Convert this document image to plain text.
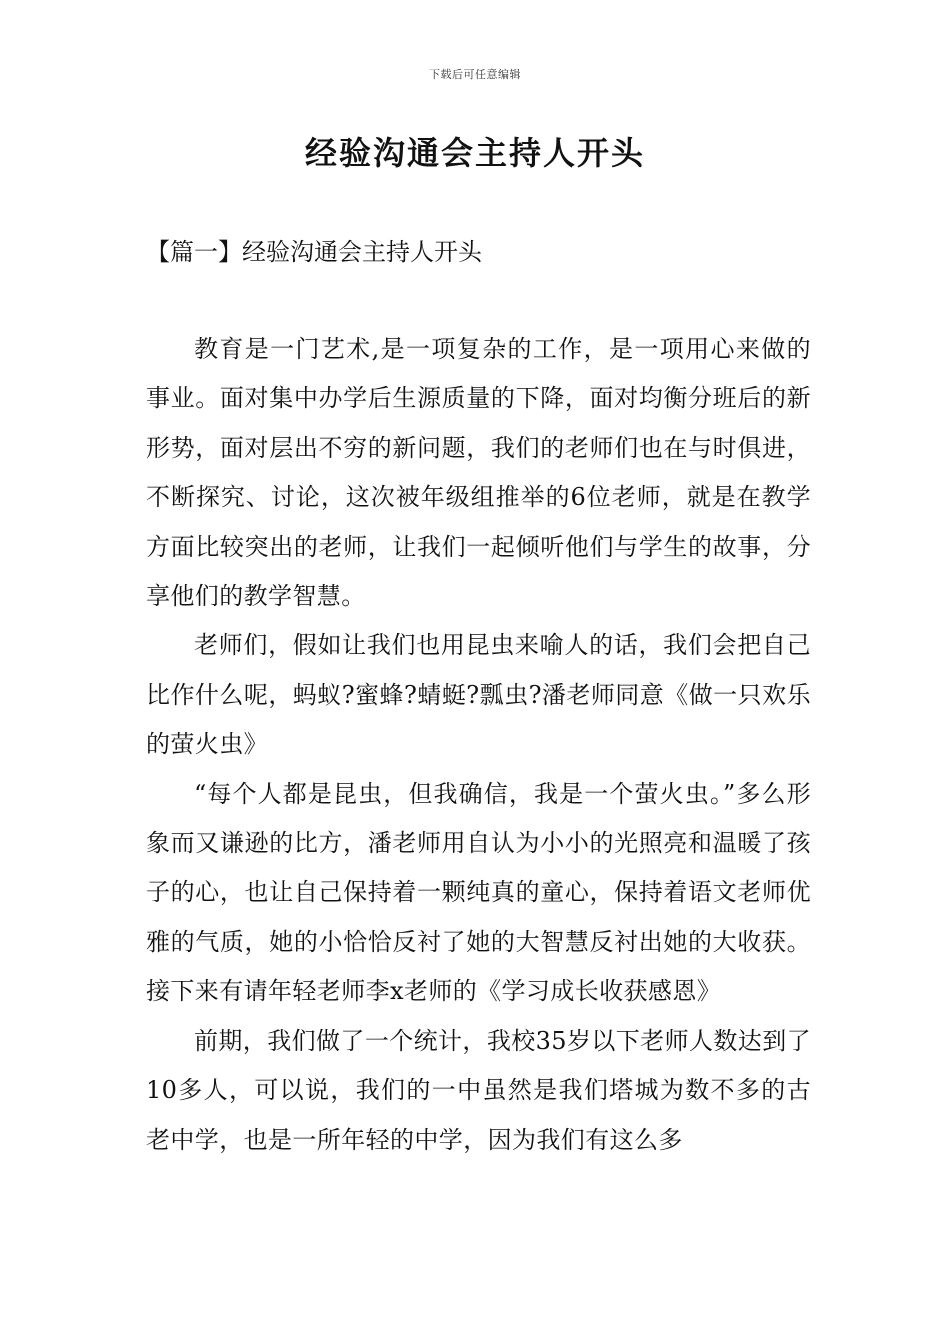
下载后可任意编辑
经验沟通会主持人开头
【篇一】经验沟通会主持人开头

教育是一门艺术,是一项复杂的工作，是一项用心来做的事业。面对集中办学后生源质量的下降，面对均衡分班后的新形势，面对层出不穷的新问题，我们的老师们也在与时俱进，不断探究、讨论，这次被年级组推举的6位老师，就是在教学方面比较突出的老师，让我们一起倾听他们与学生的故事，分享他们的教学智慧。

老师们，假如让我们也用昆虫来喻人的话，我们会把自己比作什么呢，蚂蚁?蜜蜂?蜻蜓?瓢虫?潘老师同意《做一只欢乐的萤火虫》

“每个人都是昆虫，但我确信，我是一个萤火虫。”多么形象而又谦逊的比方，潘老师用自认为小小的光照亮和温暖了孩子的心，也让自己保持着一颗纯真的童心，保持着语文老师优雅的气质，她的小恰恰反衬了她的大智慧反衬出她的大收获。接下来有请年轻老师李x老师的《学习成长收获感恩》

前期，我们做了一个统计，我校35岁以下老师人数达到了10多人，可以说，我们的一中虽然是我们塔城为数不多的古老中学，也是一所年轻的中学，因为我们有这么多
